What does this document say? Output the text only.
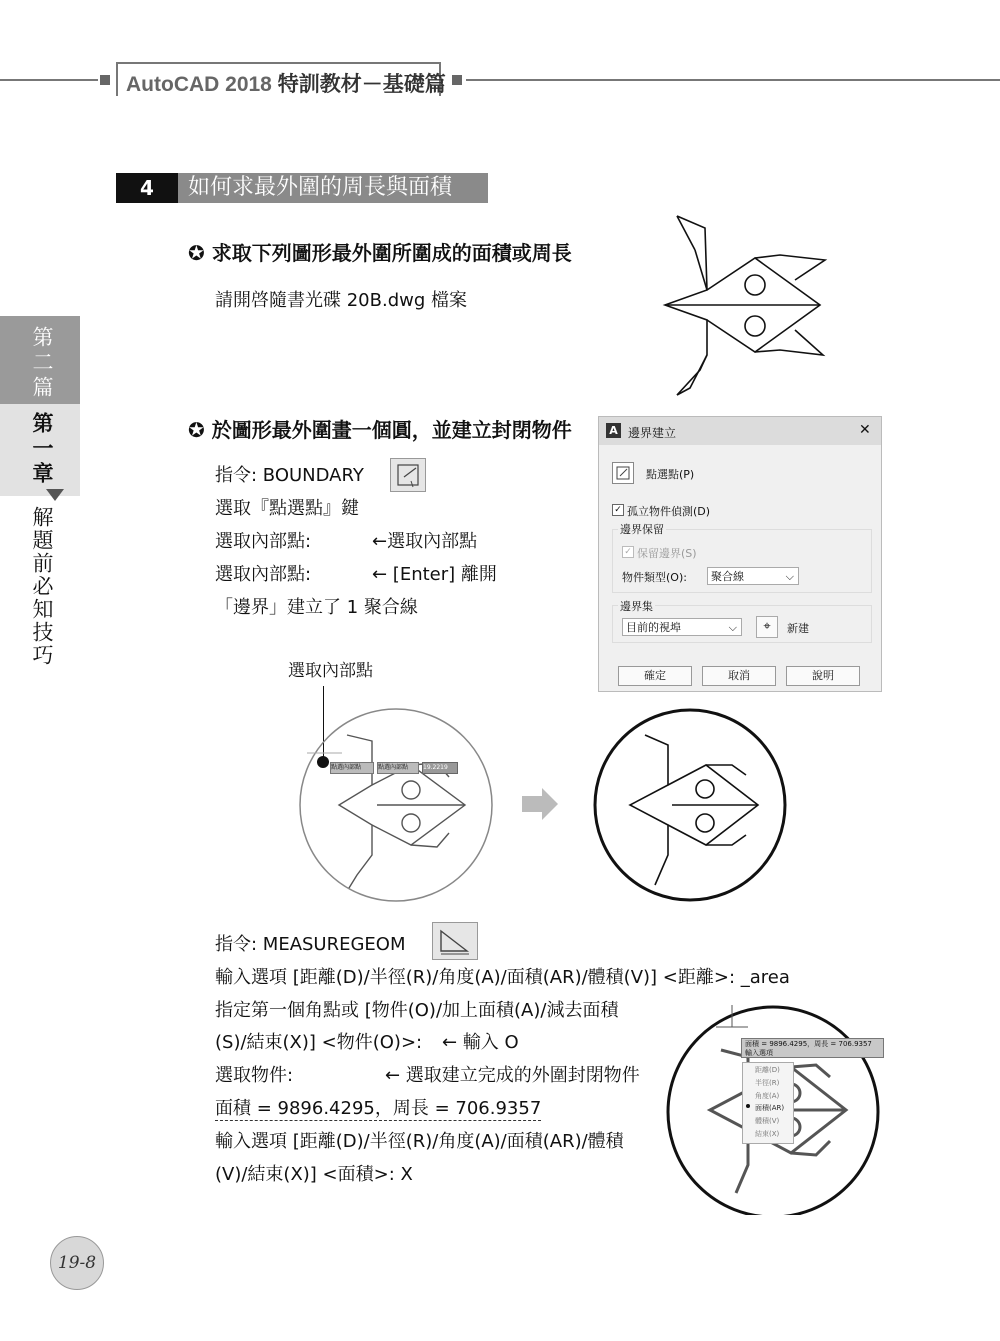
AutoCAD 2018 特訓教材－基礎篇
第二篇
第一章
解題前必知技巧
4	如何求最外圍的周長與面積
✪ 求取下列圖形最外圍所圍成的面積或周長
請開啓隨書光碟 20B.dwg 檔案
✪ 於圖形最外圍畫一個圓，並建立封閉物件
指令: BOUNDARY
選取『點選點』鍵
選取內部點:	←選取內部點
選取內部點:	← [Enter] 離開
「邊界」建立了 1 聚合線
A 邊界建立	✕
點選點(P)
✓ 孤立物件偵測(D)
邊界保留
✓ 保留邊界(S)
物件類型(O):	聚合線	⌵
邊界集
目前的視埠	⌵	⌖	新建
確定	取消	說明
選取內部點
點選內部點	點選內部點	19.2219
指令: MEASUREGEOM
輸入選項 [距離(D)/半徑(R)/角度(A)/面積(AR)/體積(V)] <距離>: _area
指定第一個角點或 [物件(O)/加上面積(A)/減去面積
(S)/結束(X)] <物件(O)>: ← 輸入 O
選取物件:	← 選取建立完成的外圍封閉物件
面積 = 9896.4295，周長 = 706.9357
輸入選項 [距離(D)/半徑(R)/角度(A)/面積(AR)/體積
(V)/結束(X)] <面積>: X
面積 = 9896.4295，周長 = 706.9357
輸入選項
距離(D)
半徑(R)
角度(A)
面積(AR)
體積(V)
結束(X)
19-8
